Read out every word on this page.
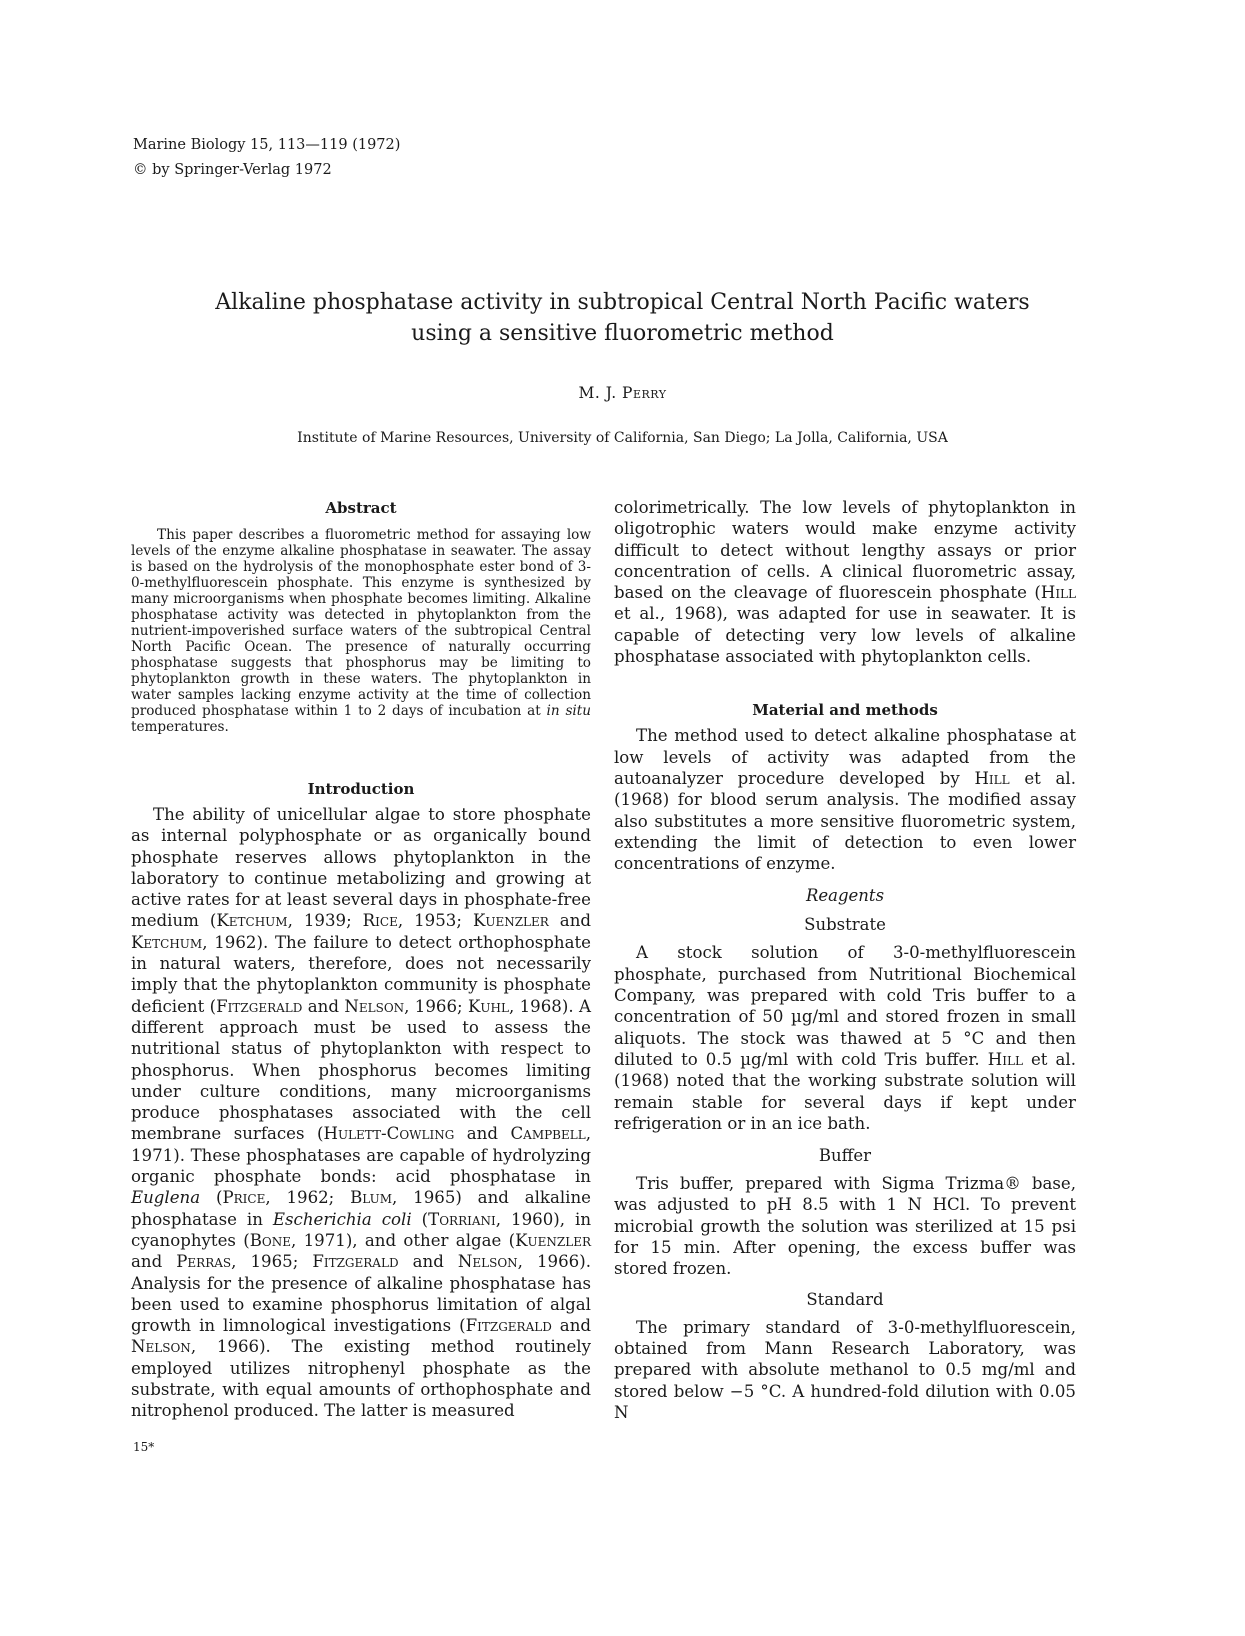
Marine Biology 15, 113—119 (1972)
© by Springer-Verlag 1972
Alkaline phosphatase activity in subtropical Central North Pacific waters
using a sensitive fluorometric method
M. J. Perry
Institute of Marine Resources, University of California, San Diego; La Jolla, California, USA
Abstract

This paper describes a fluorometric method for assaying low levels of the enzyme alkaline phosphatase in seawater. The assay is based on the hydrolysis of the monophosphate ester bond of 3-0-methylfluorescein phosphate. This enzyme is synthesized by many microorganisms when phosphate becomes limiting. Alkaline phosphatase activity was detected in phytoplankton from the nutrient-impoverished surface waters of the subtropical Central North Pacific Ocean. The presence of naturally occurring phosphatase suggests that phosphorus may be limiting to phytoplankton growth in these waters. The phytoplankton in water samples lacking enzyme activity at the time of collection produced phosphatase within 1 to 2 days of incubation at in situ temperatures.

Introduction

The ability of unicellular algae to store phosphate as internal polyphosphate or as organically bound phosphate reserves allows phytoplankton in the laboratory to continue metabolizing and growing at active rates for at least several days in phosphate-free medium (Ketchum, 1939; Rice, 1953; Kuenzler and Ketchum, 1962). The failure to detect orthophosphate in natural waters, therefore, does not necessarily imply that the phytoplankton community is phosphate deficient (Fitzgerald and Nelson, 1966; Kuhl, 1968). A different approach must be used to assess the nutritional status of phytoplankton with respect to phosphorus. When phosphorus becomes limiting under culture conditions, many microorganisms produce phosphatases associated with the cell membrane surfaces (Hulett-Cowling and Campbell, 1971). These phosphatases are capable of hydrolyzing organic phosphate bonds: acid phosphatase in Euglena (Price, 1962; Blum, 1965) and alkaline phosphatase in Escherichia coli (Torriani, 1960), in cyanophytes (Bone, 1971), and other algae (Kuenzler and Perras, 1965; Fitzgerald and Nelson, 1966). Analysis for the presence of alkaline phosphatase has been used to examine phosphorus limitation of algal growth in limnological investigations (Fitzgerald and Nelson, 1966). The existing method routinely employed utilizes nitrophenyl phosphate as the substrate, with equal amounts of orthophosphate and nitrophenol produced. The latter is measured

colorimetrically. The low levels of phytoplankton in oligotrophic waters would make enzyme activity difficult to detect without lengthy assays or prior concentration of cells. A clinical fluorometric assay, based on the cleavage of fluorescein phosphate (Hill et al., 1968), was adapted for use in seawater. It is capable of detecting very low levels of alkaline phosphatase associated with phytoplankton cells.

Material and methods

The method used to detect alkaline phosphatase at low levels of activity was adapted from the autoanalyzer procedure developed by Hill et al. (1968) for blood serum analysis. The modified assay also substitutes a more sensitive fluorometric system, extending the limit of detection to even lower concentrations of enzyme.

Reagents
Substrate

A stock solution of 3-0-methylfluorescein phosphate, purchased from Nutritional Biochemical Company, was prepared with cold Tris buffer to a concentration of 50 µg/ml and stored frozen in small aliquots. The stock was thawed at 5 °C and then diluted to 0.5 µg/ml with cold Tris buffer. Hill et al. (1968) noted that the working substrate solution will remain stable for several days if kept under refrigeration or in an ice bath.

Buffer

Tris buffer, prepared with Sigma Trizma® base, was adjusted to pH 8.5 with 1 N HCl. To prevent microbial growth the solution was sterilized at 15 psi for 15 min. After opening, the excess buffer was stored frozen.

Standard

The primary standard of 3-0-methylfluorescein, obtained from Mann Research Laboratory, was prepared with absolute methanol to 0.5 mg/ml and stored below −5 °C. A hundred-fold dilution with 0.05 N

15*
